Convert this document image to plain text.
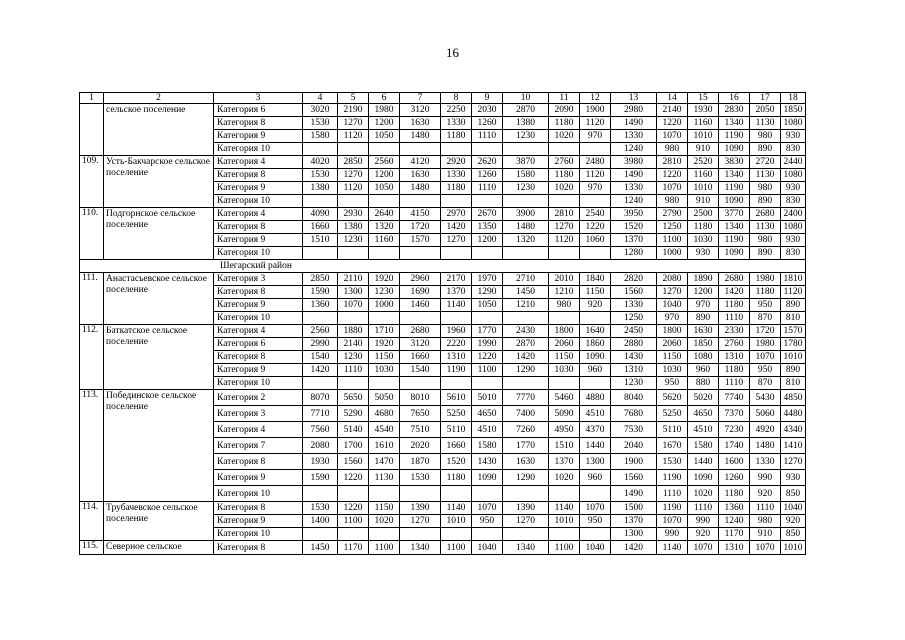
16
1	2	3	4	5	6	7	8	9	10	11	12	13	14	15	16	17	18
	сельское поселение	Категория 6	3020	2190	1980	3120	2250	2030	2870	2090	1900	2980	2140	1930	2830	2050	1850
		Категория 8	1530	1270	1200	1630	1330	1260	1380	1180	1120	1490	1220	1160	1340	1130	1080
		Категория 9	1580	1120	1050	1480	1180	1110	1230	1020	970	1330	1070	1010	1190	980	930
		Категория 10										1240	980	910	1090	890	830
109.	Усть-Бакчарское сельское поселение	Категория 4	4020	2850	2560	4120	2920	2620	3870	2760	2480	3980	2810	2520	3830	2720	2440
		Категория 8	1530	1270	1200	1630	1330	1260	1580	1180	1120	1490	1220	1160	1340	1130	1080
		Категория 9	1380	1120	1050	1480	1180	1110	1230	1020	970	1330	1070	1010	1190	980	930
		Категория 10										1240	980	910	1090	890	830
110.	Подгорнское сельское поселение	Категория 4	4090	2930	2640	4150	2970	2670	3900	2810	2540	3950	2790	2500	3770	2680	2400
		Категория 8	1660	1380	1320	1720	1420	1350	1480	1270	1220	1520	1250	1180	1340	1130	1080
		Категория 9	1510	1230	1160	1570	1270	1200	1320	1120	1060	1370	1100	1030	1190	980	930
		Категория 10										1280	1000	930	1090	890	830
Шегарский район																	
111.	Анастасьевское сельское поселение	Категория 3	2850	2110	1920	2960	2170	1970	2710	2010	1840	2820	2080	1890	2680	1980	1810
		Категория 8	1590	1300	1230	1690	1370	1290	1450	1210	1150	1560	1270	1200	1420	1180	1120
		Категория 9	1360	1070	1000	1460	1140	1050	1210	980	920	1330	1040	970	1180	950	890
		Категория 10										1250	970	890	1110	870	810
112.	Баткатское сельское поселение	Категория 4	2560	1880	1710	2680	1960	1770	2430	1800	1640	2450	1800	1630	2330	1720	1570
		Категория 6	2990	2140	1920	3120	2220	1990	2870	2060	1860	2880	2060	1850	2760	1980	1780
		Категория 8	1540	1230	1150	1660	1310	1220	1420	1150	1090	1430	1150	1080	1310	1070	1010
		Категория 9	1420	1110	1030	1540	1190	1100	1290	1030	960	1310	1030	960	1180	950	890
		Категория 10										1230	950	880	1110	870	810
113.	Побединское сельское поселение	Категория 2	8070	5650	5050	8010	5610	5010	7770	5460	4880	8040	5620	5020	7740	5430	4850
		Категория 3	7710	5290	4680	7650	5250	4650	7400	5090	4510	7680	5250	4650	7370	5060	4480
		Категория 4	7560	5140	4540	7510	5110	4510	7260	4950	4370	7530	5110	4510	7230	4920	4340
		Категория 7	2080	1700	1610	2020	1660	1580	1770	1510	1440	2040	1670	1580	1740	1480	1410
		Категория 8	1930	1560	1470	1870	1520	1430	1630	1370	1300	1900	1530	1440	1600	1330	1270
		Категория 9	1590	1220	1130	1530	1180	1090	1290	1020	960	1560	1190	1090	1260	990	930
		Категория 10										1490	1110	1020	1180	920	850
114.	Трубачевское сельское поселение	Категория 8	1530	1220	1150	1390	1140	1070	1390	1140	1070	1500	1190	1110	1360	1110	1040
		Категория 9	1400	1100	1020	1270	1010	950	1270	1010	950	1370	1070	990	1240	980	920
		Категория 10										1300	990	920	1170	910	850
115.	Северное сельское	Категория 8	1450	1170	1100	1340	1100	1040	1340	1100	1040	1420	1140	1070	1310	1070	1010
